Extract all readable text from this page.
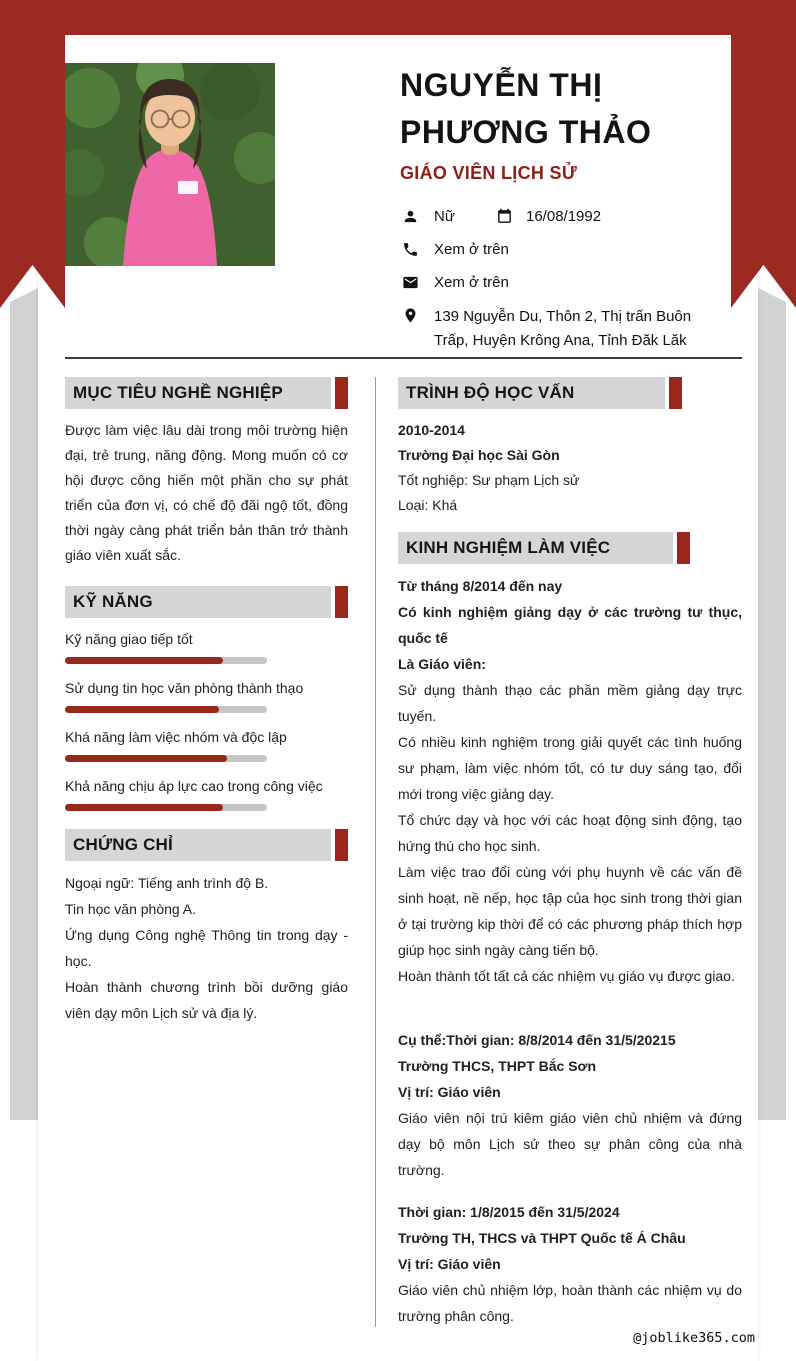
NGUYỄN THỊ
PHƯƠNG THẢO
GIÁO VIÊN LỊCH SỬ
Nữ	16/08/1992
Xem ở trên
Xem ở trên
139 Nguyễn Du, Thôn 2, Thị trấn Buôn Trấp, Huyện Krông Ana, Tỉnh Đăk Lăk
MỤC TIÊU NGHỀ NGHIỆP
Được làm việc lâu dài trong môi trường hiện đại, trẻ trung, năng động. Mong muốn có cơ hội được công hiến một phần cho sự phát triển của đơn vị, có chế độ đãi ngộ tốt, đồng thời ngày càng phát triển bản thân trở thành giáo viên xuất sắc.
KỸ NĂNG
Kỹ năng giao tiếp tốt
Sử dụng tin học văn phòng thành thạo
Khá năng làm việc nhóm và độc lập
Khả năng chịu áp lực cao trong công việc
CHỨNG CHỈ
Ngoại ngữ: Tiếng anh trình độ B.
Tin học văn phòng A.
Ứng dụng Công nghệ Thông tin trong dạy - học.
Hoàn thành chương trình bồi dưỡng giáo viên dạy môn Lịch sử và địa lý.
TRÌNH ĐỘ HỌC VẤN
2010-2014
Trường Đại học Sài Gòn
Tốt nghiệp: Sư phạm Lịch sử
Loại: Khá
KINH NGHIỆM LÀM VIỆC
Từ tháng 8/2014 đến nay
Có kinh nghiệm giảng dạy ở các trường tư thục, quốc tế
Là Giáo viên:
Sử dụng thành thạo các phần mềm giảng dạy trực tuyến.
Có nhiều kinh nghiệm trong giải quyết các tình huống sư phạm, làm việc nhóm tốt, có tư duy sáng tạo, đổi mới trong việc giảng dạy.
Tổ chức dạy và học với các hoạt động sinh động, tạo hứng thú cho học sinh.
Làm việc trao đổi cùng với phụ huynh về các vấn đề sinh hoạt, nề nếp, học tập của học sinh trong thời gian ở tại trường kip thời để có các phương pháp thích hợp giúp học sinh ngày càng tiến bộ.
Hoàn thành tốt tất cả các nhiệm vụ giáo vụ được giao.
Cụ thể:Thời gian: 8/8/2014 đến 31/5/20215
Trường THCS, THPT Bắc Sơn
Vị trí: Giáo viên
Giáo viên nội trú kiêm giáo viên chủ nhiệm và đứng dạy bộ môn Lịch sử theo sự phân công của nhà trường.
Thời gian: 1/8/2015 đến 31/5/2024
Trường TH, THCS và THPT Quốc tế Á Châu
Vị trí: Giáo viên
Giáo viên chủ nhiệm lớp, hoàn thành các nhiệm vụ do trường phân công.
@joblike365.com
